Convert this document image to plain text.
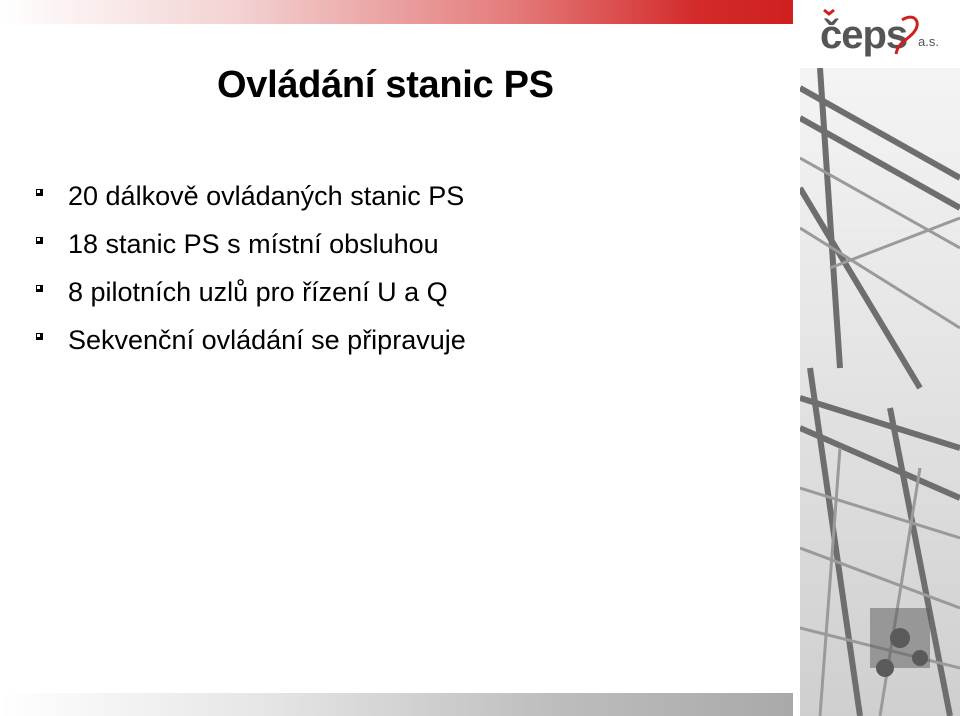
čeps a.s.
Ovládání stanic PS
20 dálkově ovládaných stanic PS
18 stanic PS s místní obsluhou
8 pilotních uzlů pro řízení U a Q
Sekvenční ovládání se připravuje
